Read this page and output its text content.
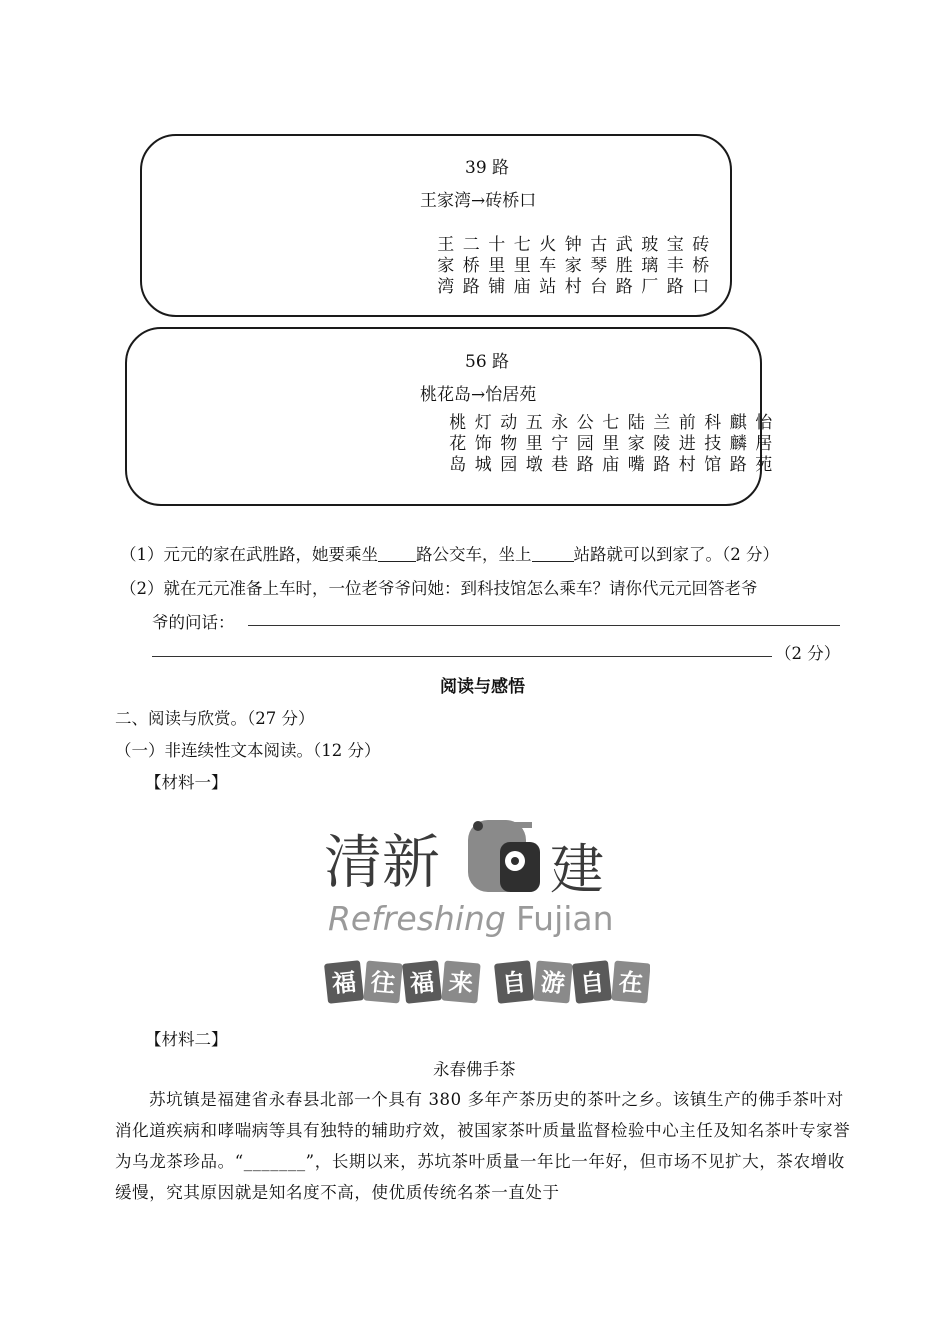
39 路
王家湾→砖桥口
王家湾
二桥路
十里铺
七里庙
火车站
钟家村
古琴台
武胜路
玻璃厂
宝丰路
砖桥口
56 路
桃花岛→怡居苑
桃花岛
灯饰城
动物园
五里墩
永宁巷
公园路
七里庙
陆家嘴
兰陵路
前进村
科技馆
麒麟路
怡居苑
（1）元元的家在武胜路，她要乘坐 路公交车，坐上	站路就可以到家了。（2 分）
（2）就在元元准备上车时，一位老爷爷问她：到科技馆怎么乘车？请你代元元回答老爷
爷的问话：
（2 分）
阅读与感悟
二、阅读与欣赏。（27 分）
（一）非连续性文本阅读。（12 分）
【材料一】
清新 建
Refreshing Fujian
福 往 福 来 自 游 自 在
【材料二】
永春佛手茶
苏坑镇是福建省永春县北部一个具有 380 多年产茶历史的茶叶之乡。该镇生产的佛手茶叶对消化道疾病和哮喘病等具有独特的辅助疗效，被国家茶叶质量监督检验中心主任及知名茶叶专家誉为乌龙茶珍品。“_______”，长期以来，苏坑茶叶质量一年比一年好，但市场不见扩大，茶农增收缓慢，究其原因就是知名度不高，使优质传统名茶一直处于
